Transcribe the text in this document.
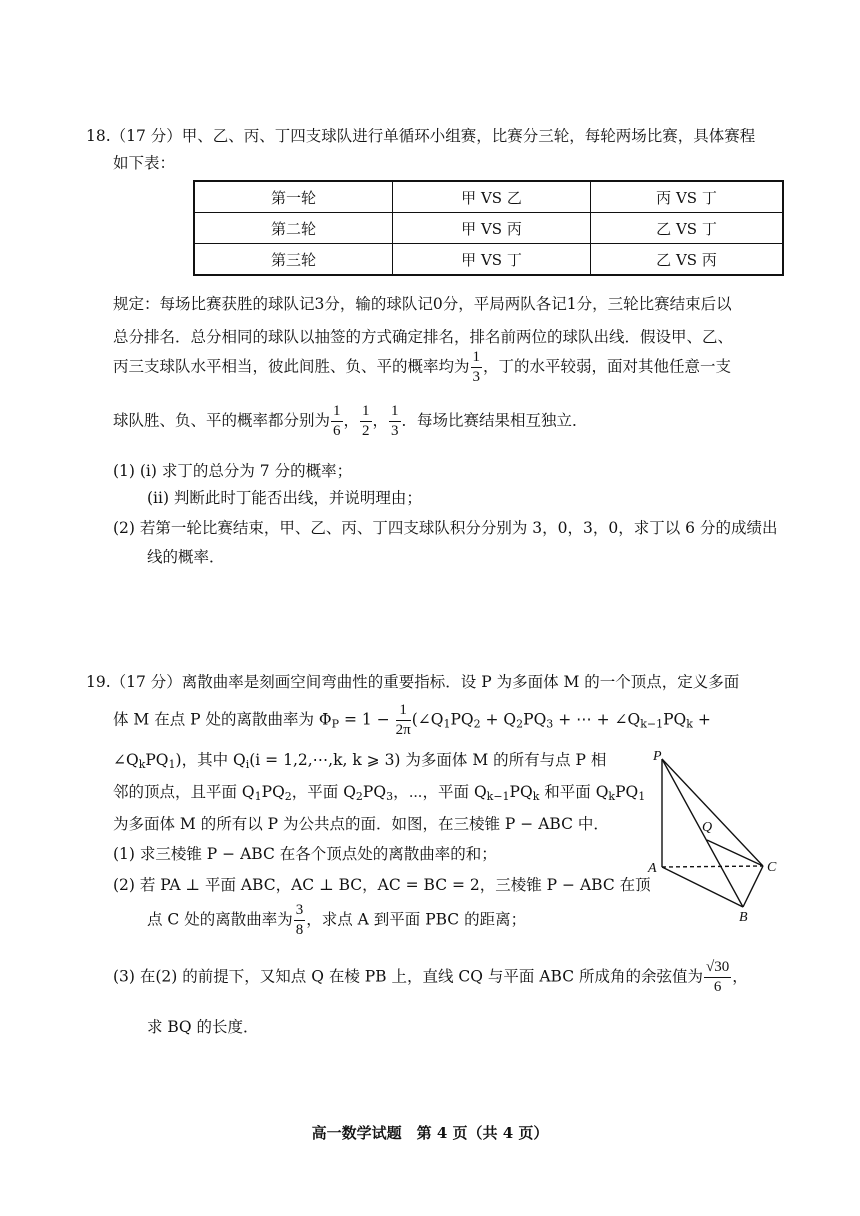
18.（17 分）甲、乙、丙、丁四支球队进行单循环小组赛，比赛分三轮，每轮两场比赛，具体赛程
如下表：
第一轮	甲 VS 乙	丙 VS 丁
第二轮	甲 VS 丙	乙 VS 丁
第三轮	甲 VS 丁	乙 VS 丙
规定：每场比赛获胜的球队记3分，输的球队记0分，平局两队各记1分，三轮比赛结束后以
总分排名．总分相同的球队以抽签的方式确定排名，排名前两位的球队出线．假设甲、乙、
丙三支球队水平相当，彼此间胜、负、平的概率均为 $\frac{1}{3}$ ，丁的水平较弱，面对其他任意一支
球队胜、负、平的概率都分别为 $\frac{1}{6}$ ， $\frac{1}{2}$ ， $\frac{1}{3}$ ．每场比赛结果相互独立．
(1) (ⅰ) 求丁的总分为 7 分的概率；
(ⅱ) 判断此时丁能否出线，并说明理由；
(2) 若第一轮比赛结束，甲、乙、丙、丁四支球队积分分别为 3，0，3，0，求丁以 6 分的成绩出
线的概率．
19.（17 分）离散曲率是刻画空间弯曲性的重要指标．设 P 为多面体 M 的一个顶点，定义多面
体 M 在点 P 处的离散曲率为 $\Phi_P = 1 - \frac{1}{2\pi}$ ($\angle Q_1PQ_2 + Q_2PQ_3$ + ⋯ + $\angle Q_{k-1}PQ_k$ +
$\angle Q_kPQ_1$)，其中 $Q_i(i$ = 1,2,⋯,k, k ⩾ 3) 为多面体 M 的所有与点 P 相
邻的顶点，且平面 $Q_1PQ_2$，平面 $Q_2PQ_3$，⋯，平面 $Q_{k-1}PQ_k$ 和平面 $Q_kPQ_1$
为多面体 M 的所有以 P 为公共点的面．如图，在三棱锥 P − ABC 中．
(1) 求三棱锥 P − ABC 在各个顶点处的离散曲率的和；
(2) 若 PA ⊥ 平面 ABC，AC ⊥ BC，AC = BC = 2，三棱锥 P − ABC 在顶
点 C 处的离散曲率为 $\frac{3}{8}$ ，求点 A 到平面 PBC 的距离；
(3) 在(2) 的前提下，又知点 Q 在棱 PB 上，直线 CQ 与平面 ABC 所成角的余弦值为 $\frac{√30}{6}$ ，
求 BQ 的长度．
P
Q
A	C
B
高一数学试题　第 4 页（共 4 页）
